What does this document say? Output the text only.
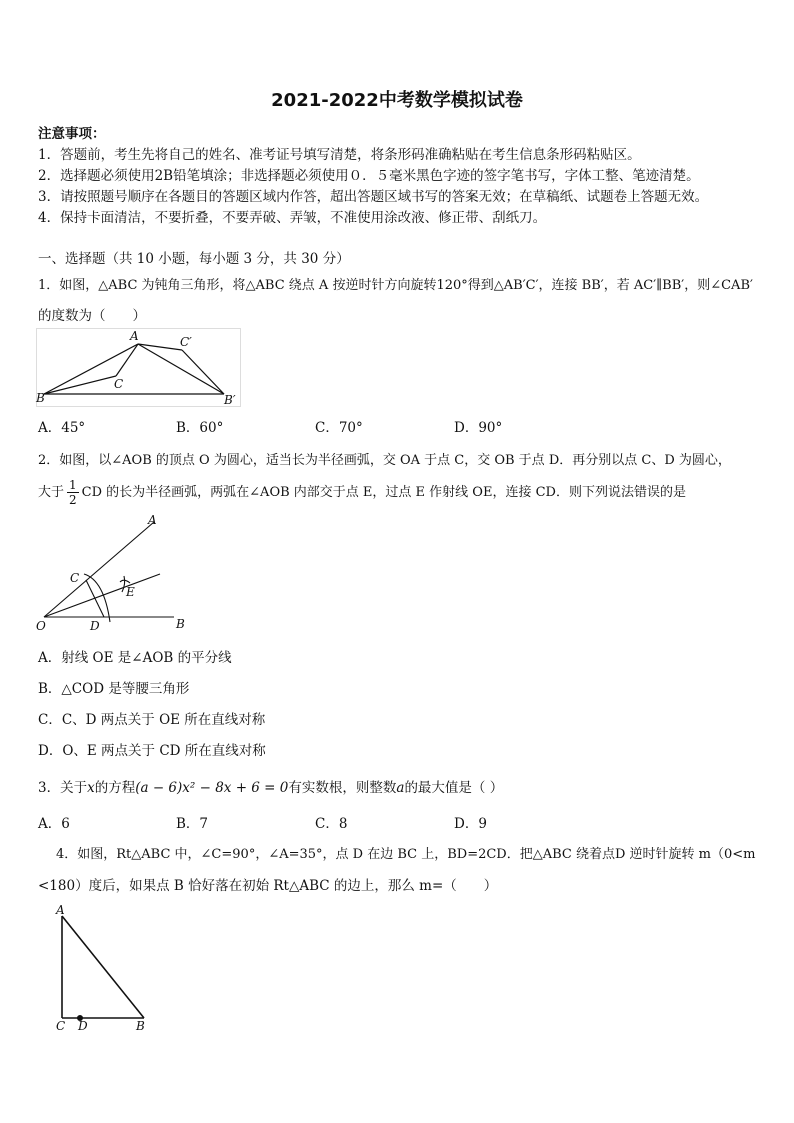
2021-2022中考数学模拟试卷
注意事项：
1．答题前，考生先将自己的姓名、准考证号填写清楚，将条形码准确粘贴在考生信息条形码粘贴区。
2．选择题必须使用2B铅笔填涂；非选择题必须使用０．５毫米黑色字迹的签字笔书写，字体工整、笔迹清楚。
3．请按照题号顺序在各题目的答题区域内作答，超出答题区域书写的答案无效；在草稿纸、试题卷上答题无效。
4．保持卡面清洁，不要折叠，不要弄破、弄皱，不准使用涂改液、修正带、刮纸刀。
一、选择题（共 10 小题，每小题 3 分，共 30 分）
1．如图，△ABC 为钝角三角形，将△ABC 绕点 A 按逆时针方向旋转120°得到△AB′C′，连接 BB′，若 AC′∥BB′，则∠CAB′
的度数为（　　）
A
B
C
C′
B′
A．45°	B．60°	C．70°	D．90°
2．如图，以∠AOB 的顶点 O 为圆心，适当长为半径画弧，交 OA 于点 C，交 OB 于点 D．再分别以点 C、D 为圆心，
大于 $\frac{1}{2}$ CD 的长为半径画弧，两弧在∠AOB 内部交于点 E，过点 E 作射线 OE，连接 CD．则下列说法错误的是
A
B
C
D
E
O
A．射线 OE 是∠AOB 的平分线
B．△COD 是等腰三角形
C．C、D 两点关于 OE 所在直线对称
D．O、E 两点关于 CD 所在直线对称
3．关于x的方程(a − 6)x² − 8x + 6 = 0有实数根，则整数a的最大值是（ ）
A．6	B．7	C．8	D．9
4．如图，Rt△ABC 中，∠C=90°，∠A=35°，点 D 在边 BC 上，BD=2CD．把△ABC 绕着点D 逆时针旋转 m（0<m
<180）度后，如果点 B 恰好落在初始 Rt△ABC 的边上，那么 m=（　　）
A
C D	B
